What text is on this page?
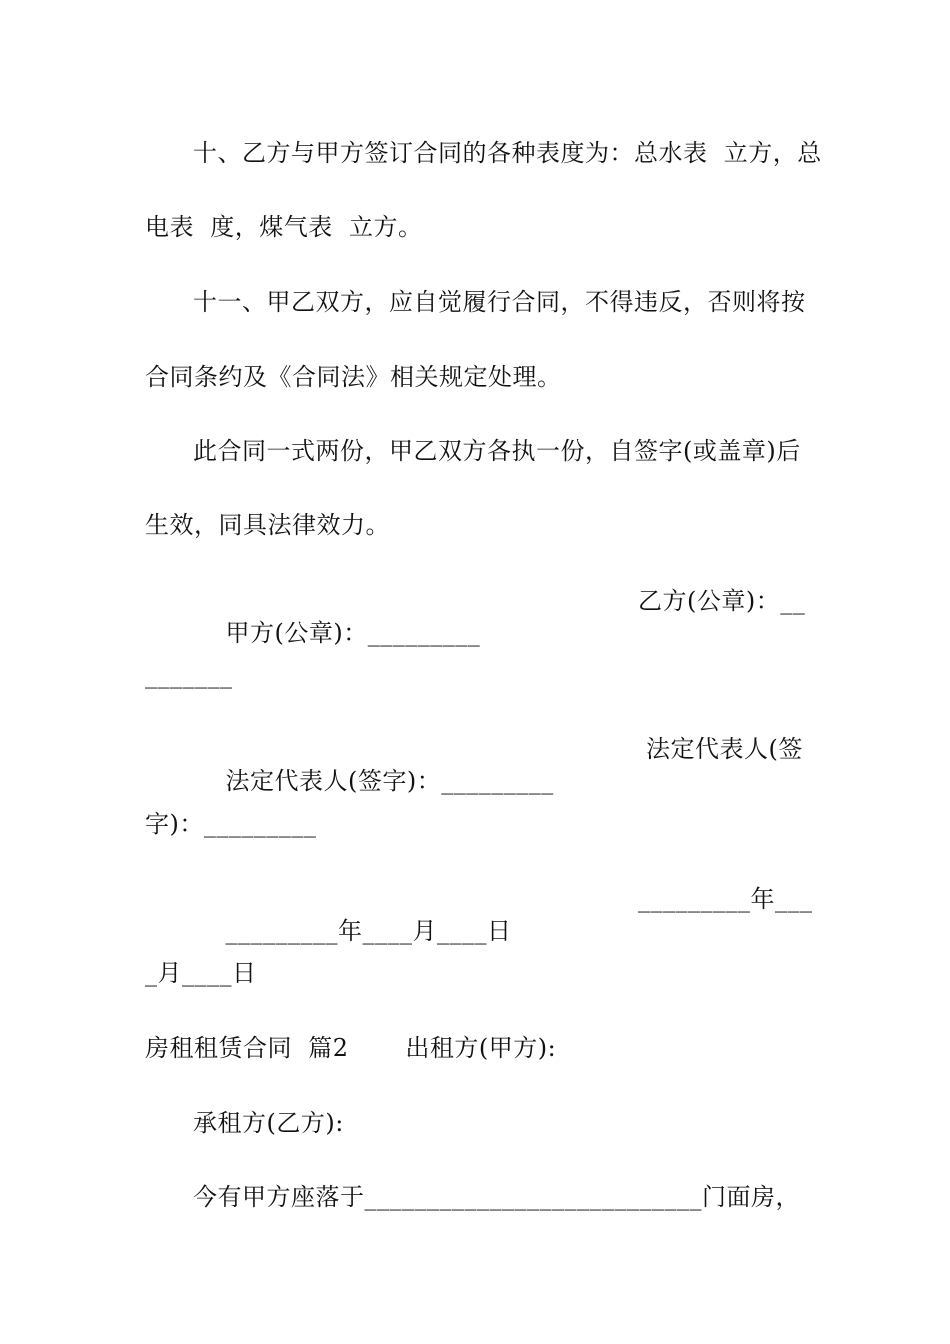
十、乙方与甲方签订合同的各种表度为：总水表  立方，总
电表  度，煤气表  立方。
十一、甲乙双方，应自觉履行合同，不得违反，否则将按
合同条约及《合同法》相关规定处理。
此合同一式两份，甲乙双方各执一份，自签字(或盖章)后
生效，同具法律效力。

甲方(公章)：_________

乙方(公章)：__

_______

法定代表人(签字)：_________

法定代表人(签

字)：_________

_________年____月____日

_________年___

_月____日
房租租赁合同  篇2       出租方(甲方):
承租方(乙方):
今有甲方座落于___________________________门面房，
